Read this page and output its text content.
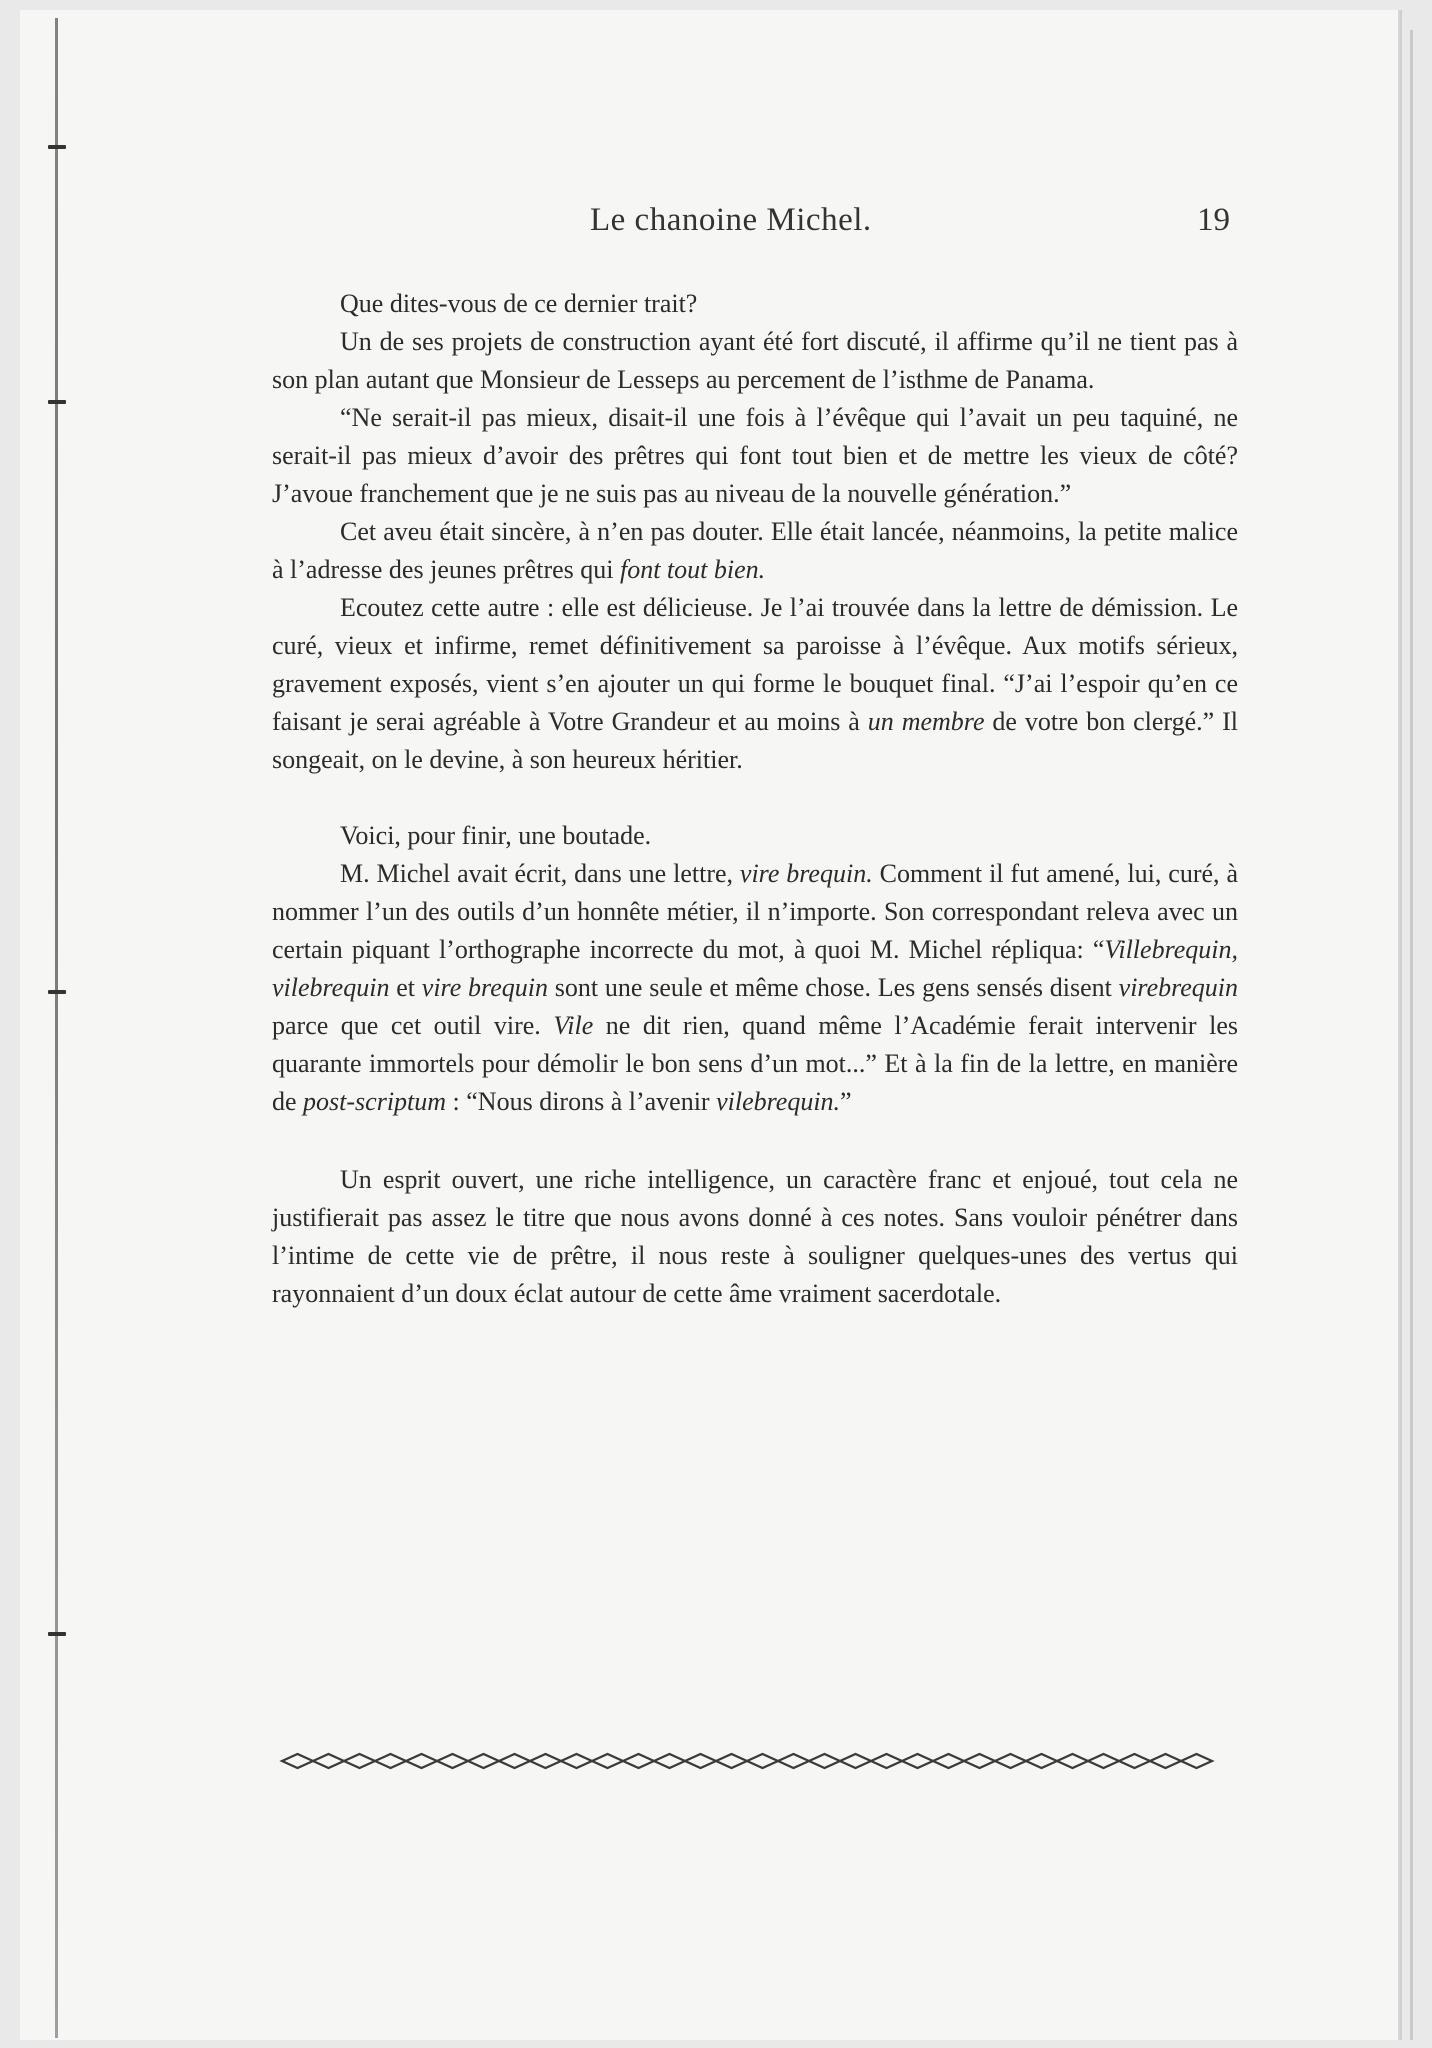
Le chanoine Michel.	19

Que dites-vous de ce dernier trait?

Un de ses projets de construction ayant été fort discuté, il affirme qu’il ne tient pas à son plan autant que Monsieur de Lesseps au percement de l’isthme de Panama.

“Ne serait-il pas mieux, disait-il une fois à l’évêque qui l’avait un peu taquiné, ne serait-il pas mieux d’avoir des prêtres qui font tout bien et de mettre les vieux de côté? J’avoue franchement que je ne suis pas au niveau de la nouvelle génération.”

Cet aveu était sincère, à n’en pas douter. Elle était lancée, néanmoins, la petite malice à l’adresse des jeunes prêtres qui font tout bien.

Ecoutez cette autre : elle est délicieuse. Je l’ai trouvée dans la lettre de démission. Le curé, vieux et infirme, remet définitivement sa paroisse à l’évêque. Aux motifs sérieux, gravement exposés, vient s’en ajouter un qui forme le bouquet final. “J’ai l’espoir qu’en ce faisant je serai agréable à Votre Grandeur et au moins à un membre de votre bon clergé.” Il songeait, on le devine, à son heureux héritier.

Voici, pour finir, une boutade.

M. Michel avait écrit, dans une lettre, vire brequin. Comment il fut amené, lui, curé, à nommer l’un des outils d’un honnête métier, il n’importe. Son correspondant releva avec un certain piquant l’orthographe incorrecte du mot, à quoi M. Michel répliqua: “Villebrequin, vilebrequin et vire brequin sont une seule et même chose. Les gens sensés disent virebrequin parce que cet outil vire. Vile ne dit rien, quand même l’Académie ferait intervenir les quarante immortels pour démolir le bon sens d’un mot...” Et à la fin de la lettre, en manière de post-scriptum : “Nous dirons à l’avenir vilebrequin.”

Un esprit ouvert, une riche intelligence, un caractère franc et enjoué, tout cela ne justifierait pas assez le titre que nous avons donné à ces notes. Sans vouloir pénétrer dans l’intime de cette vie de prêtre, il nous reste à souligner quelques-unes des vertus qui rayonnaient d’un doux éclat autour de cette âme vraiment sacerdotale.
